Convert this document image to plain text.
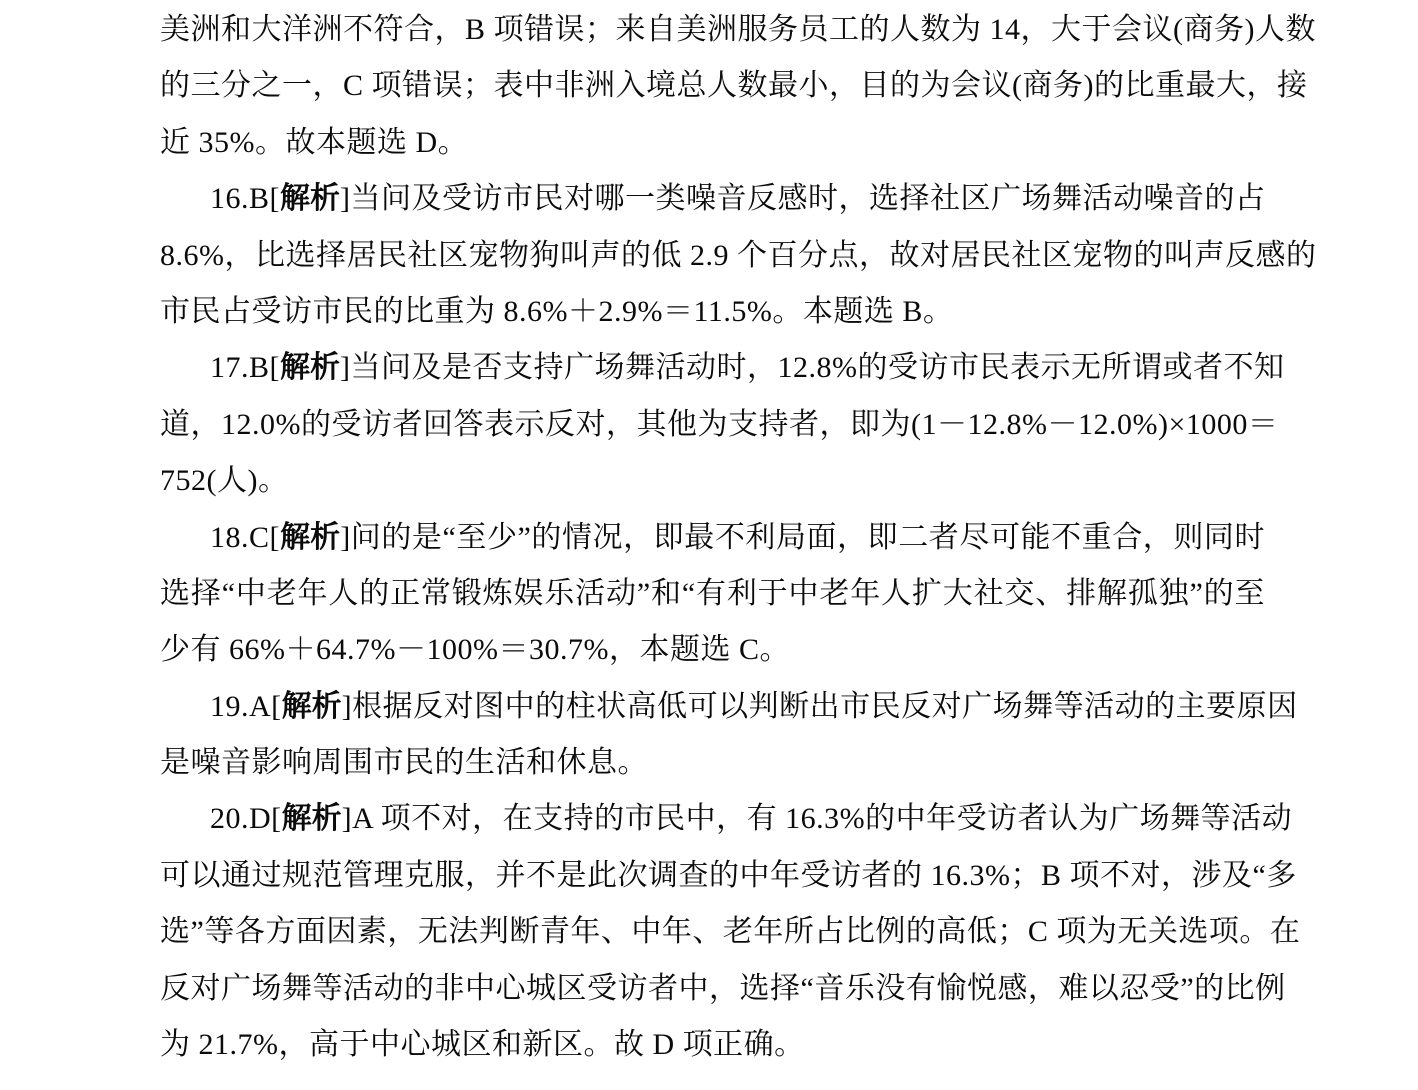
美洲和大洋洲不符合，B 项错误；来自美洲服务员工的人数为 14，大于会议(商务)人数
的三分之一，C 项错误；表中非洲入境总人数最小，目的为会议(商务)的比重最大，接
近 35%。故本题选 D。
16.B[解析]当问及受访市民对哪一类噪音反感时，选择社区广场舞活动噪音的占
8.6%，比选择居民社区宠物狗叫声的低 2.9 个百分点，故对居民社区宠物的叫声反感的
市民占受访市民的比重为 8.6%＋2.9%＝11.5%。本题选 B。
17.B[解析]当问及是否支持广场舞活动时，12.8%的受访市民表示无所谓或者不知
道，12.0%的受访者回答表示反对，其他为支持者，即为(1－12.8%－12.0%)×1000＝
752(人)。
18.C[解析]问的是“至少”的情况，即最不利局面，即二者尽可能不重合，则同时
选择“中老年人的正常锻炼娱乐活动”和“有利于中老年人扩大社交、排解孤独”的至
少有 66%＋64.7%－100%＝30.7%，本题选 C。
19.A[解析]根据反对图中的柱状高低可以判断出市民反对广场舞等活动的主要原因
是噪音影响周围市民的生活和休息。
20.D[解析]A 项不对，在支持的市民中，有 16.3%的中年受访者认为广场舞等活动
可以通过规范管理克服，并不是此次调查的中年受访者的 16.3%；B 项不对，涉及“多
选”等各方面因素，无法判断青年、中年、老年所占比例的高低；C 项为无关选项。在
反对广场舞等活动的非中心城区受访者中，选择“音乐没有愉悦感，难以忍受”的比例
为 21.7%，高于中心城区和新区。故 D 项正确。
